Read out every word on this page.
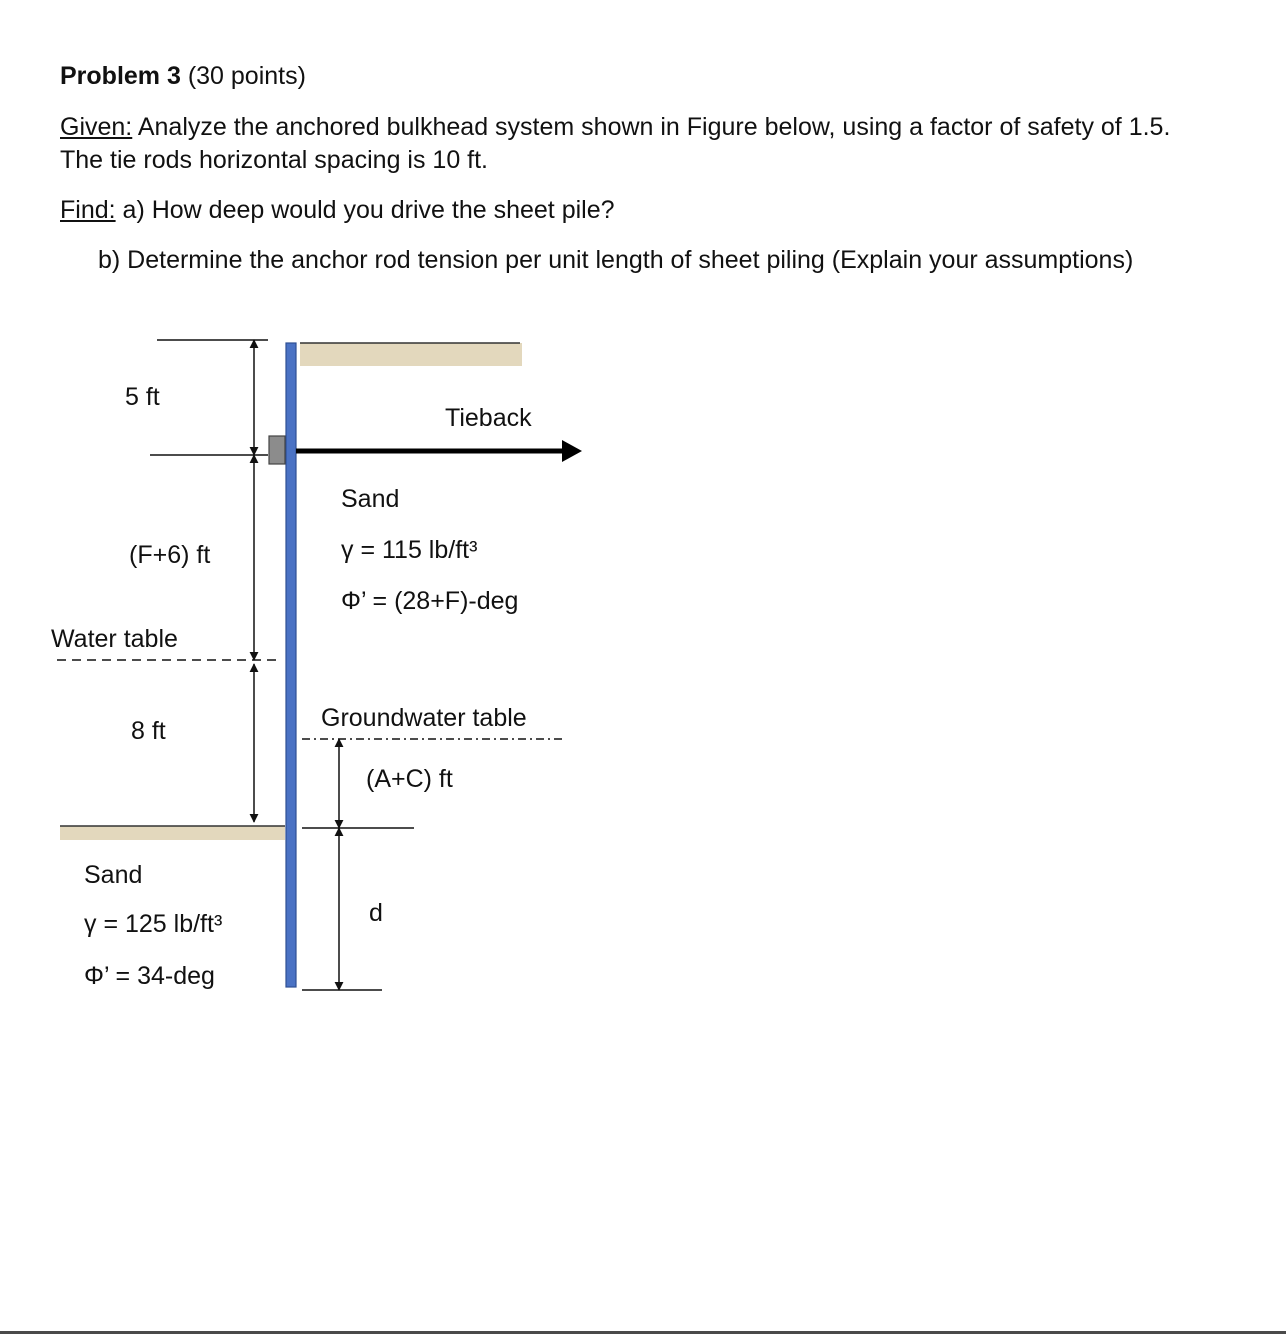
Problem 3 (30 points)
Given: Analyze the anchored bulkhead system shown in Figure below, using a factor of safety of 1.5.
The tie rods horizontal spacing is 10 ft.
Find: a) How deep would you drive the sheet pile?
b) Determine the anchor rod tension per unit length of sheet piling (Explain your assumptions)
5 ft
Tieback
Sand
γ = 115 lb/ft³
Φ’ = (28+F)-deg
(F+6) ft
Water table
Groundwater table
8 ft
(A+C) ft
Sand
d
γ = 125 lb/ft³
Φ’ = 34-deg
